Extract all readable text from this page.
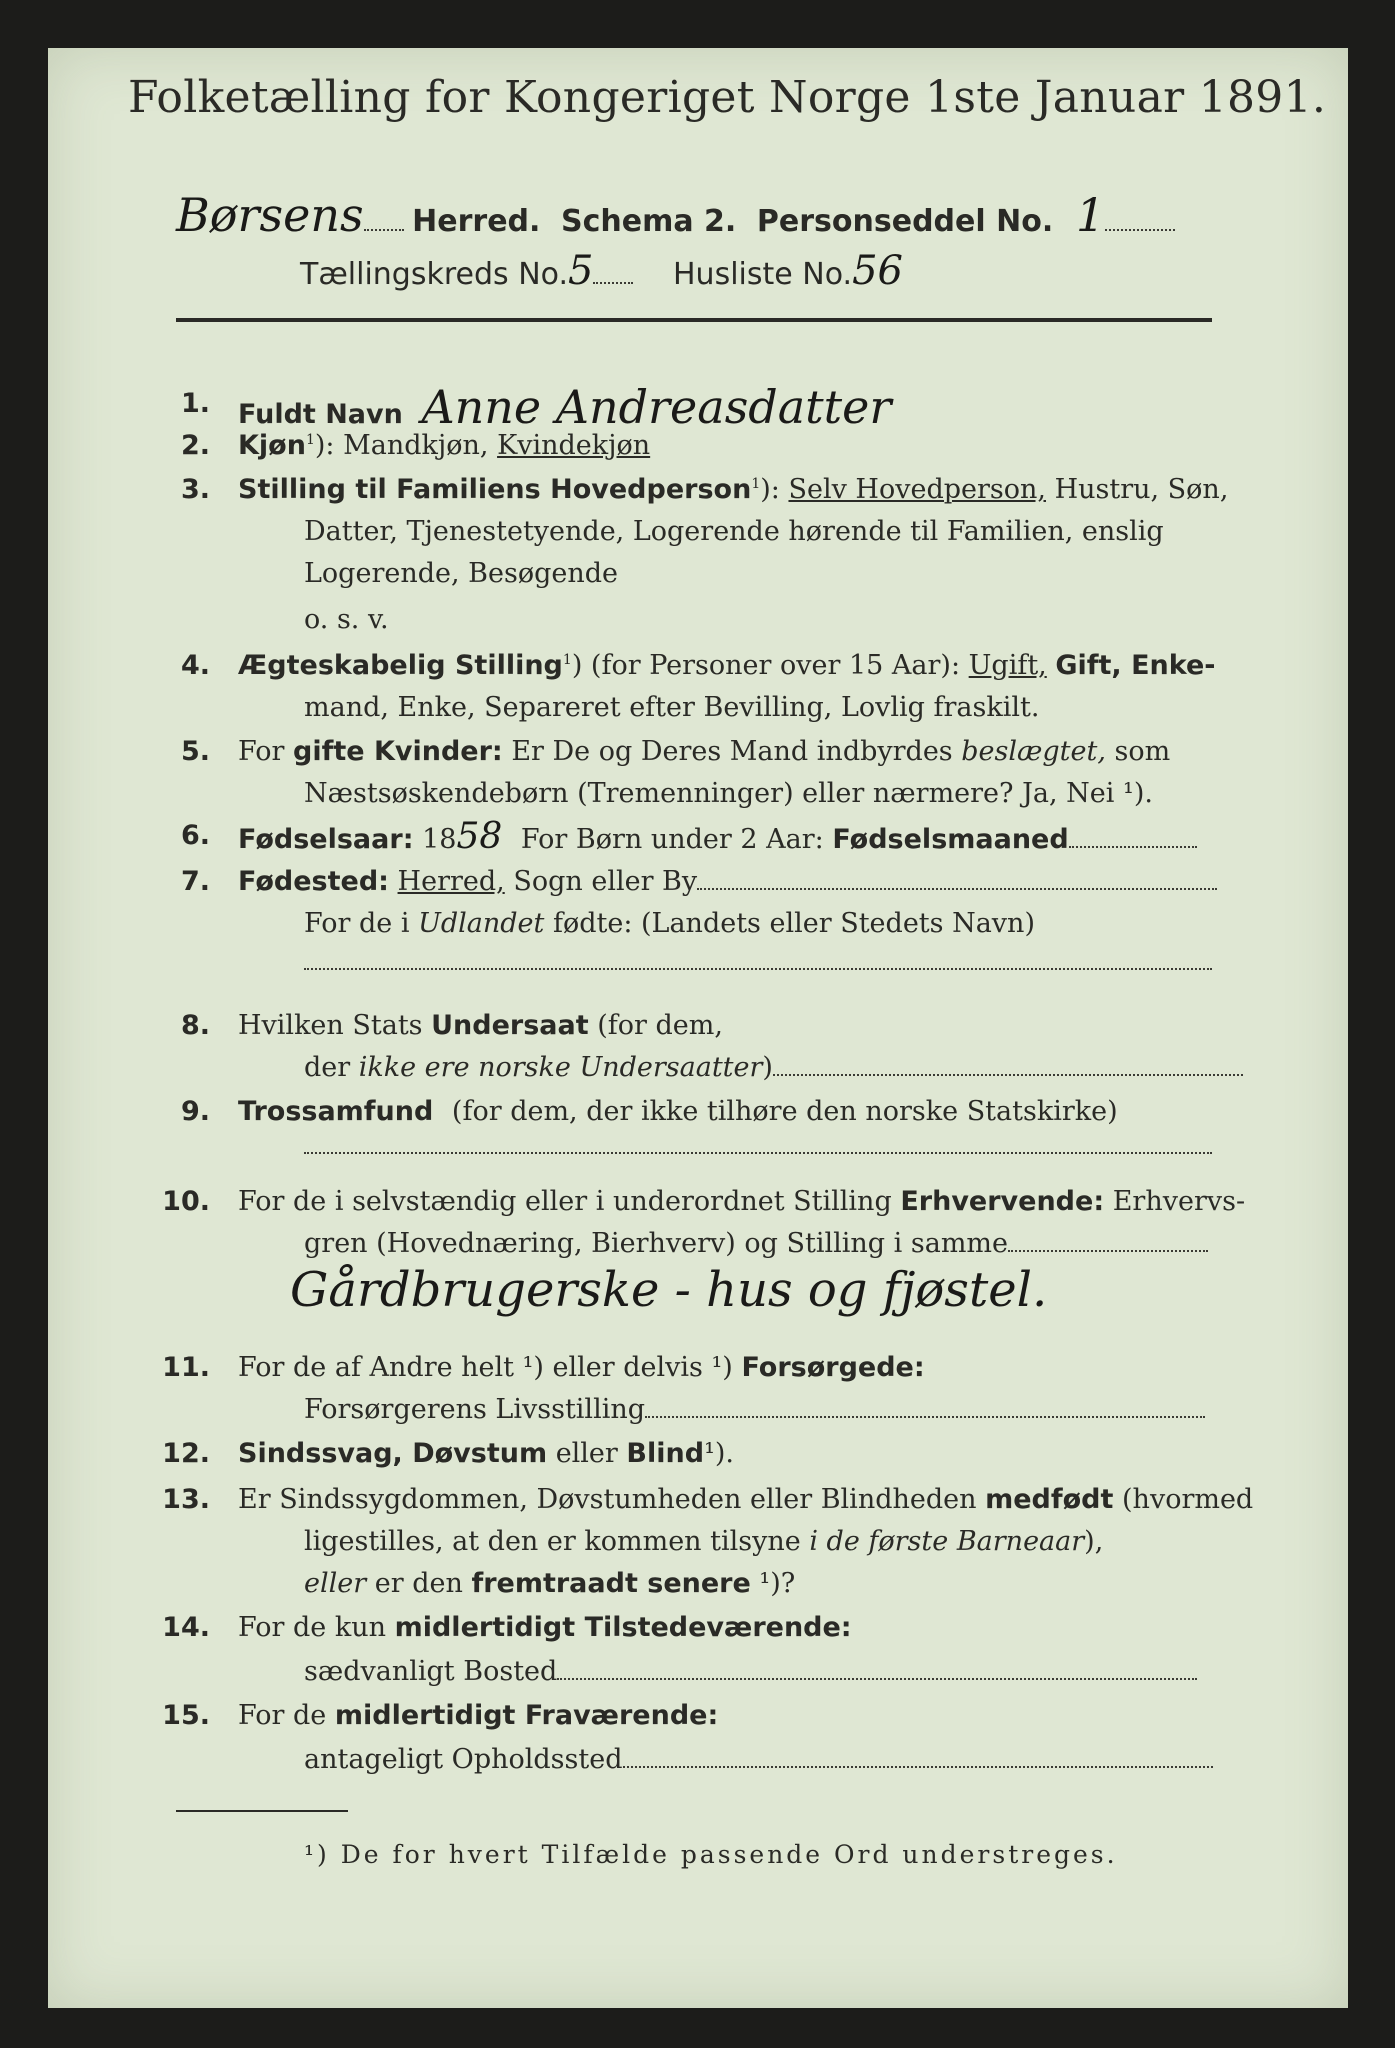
Folketælling for Kongeriget Norge 1ste Januar 1891.
Børsens Herred. Schema 2. Personseddel No. 1
Tællingskreds No.5	Husliste No.56
1. Fuldt Navn Anne Andreasdatter
2. Kjøn$^1$): Mandkjøn, Kvindekjøn
3. Stilling til Familiens Hovedperson$^1$): Selv Hovedperson, Hustru, Søn,
Datter, Tjenestetyende, Logerende hørende til Familien, enslig
Logerende, Besøgende
o. s. v.
4. Ægteskabelig Stilling$^1$) (for Personer over 15 Aar): Ugift, Gift, Enke-
mand, Enke, Separeret efter Bevilling, Lovlig fraskilt.
5. For gifte Kvinder: Er De og Deres Mand indbyrdes beslægtet, som
Næstsøskendebørn (Tremenninger) eller nærmere? Ja, Nei ¹).
6. Fødselsaar: 1858 For Børn under 2 Aar: Fødselsmaaned
7. Fødested: Herred, Sogn eller By
For de i Udlandet fødte: (Landets eller Stedets Navn)
8. Hvilken Stats Undersaat (for dem,
der ikke ere norske Undersaatter)
9. Trossamfund (for dem, der ikke tilhøre den norske Statskirke)
10. For de i selvstændig eller i underordnet Stilling Erhvervende: Erhvervs-
gren (Hovednæring, Bierhverv) og Stilling i samme
Gårdbrugerske - hus og fjøstel.
11. For de af Andre helt ¹) eller delvis ¹) Forsørgede:
Forsørgerens Livsstilling
12. Sindssvag, Døvstum eller Blind¹).
13. Er Sindssygdommen, Døvstumheden eller Blindheden medfødt (hvormed
ligestilles, at den er kommen tilsyne i de første Barneaar),
eller er den fremtraadt senere ¹)?
14. For de kun midlertidigt Tilstedeværende:
sædvanligt Bosted
15. For de midlertidigt Fraværende:
antageligt Opholdssted
¹) De for hvert Tilfælde passende Ord understreges.
